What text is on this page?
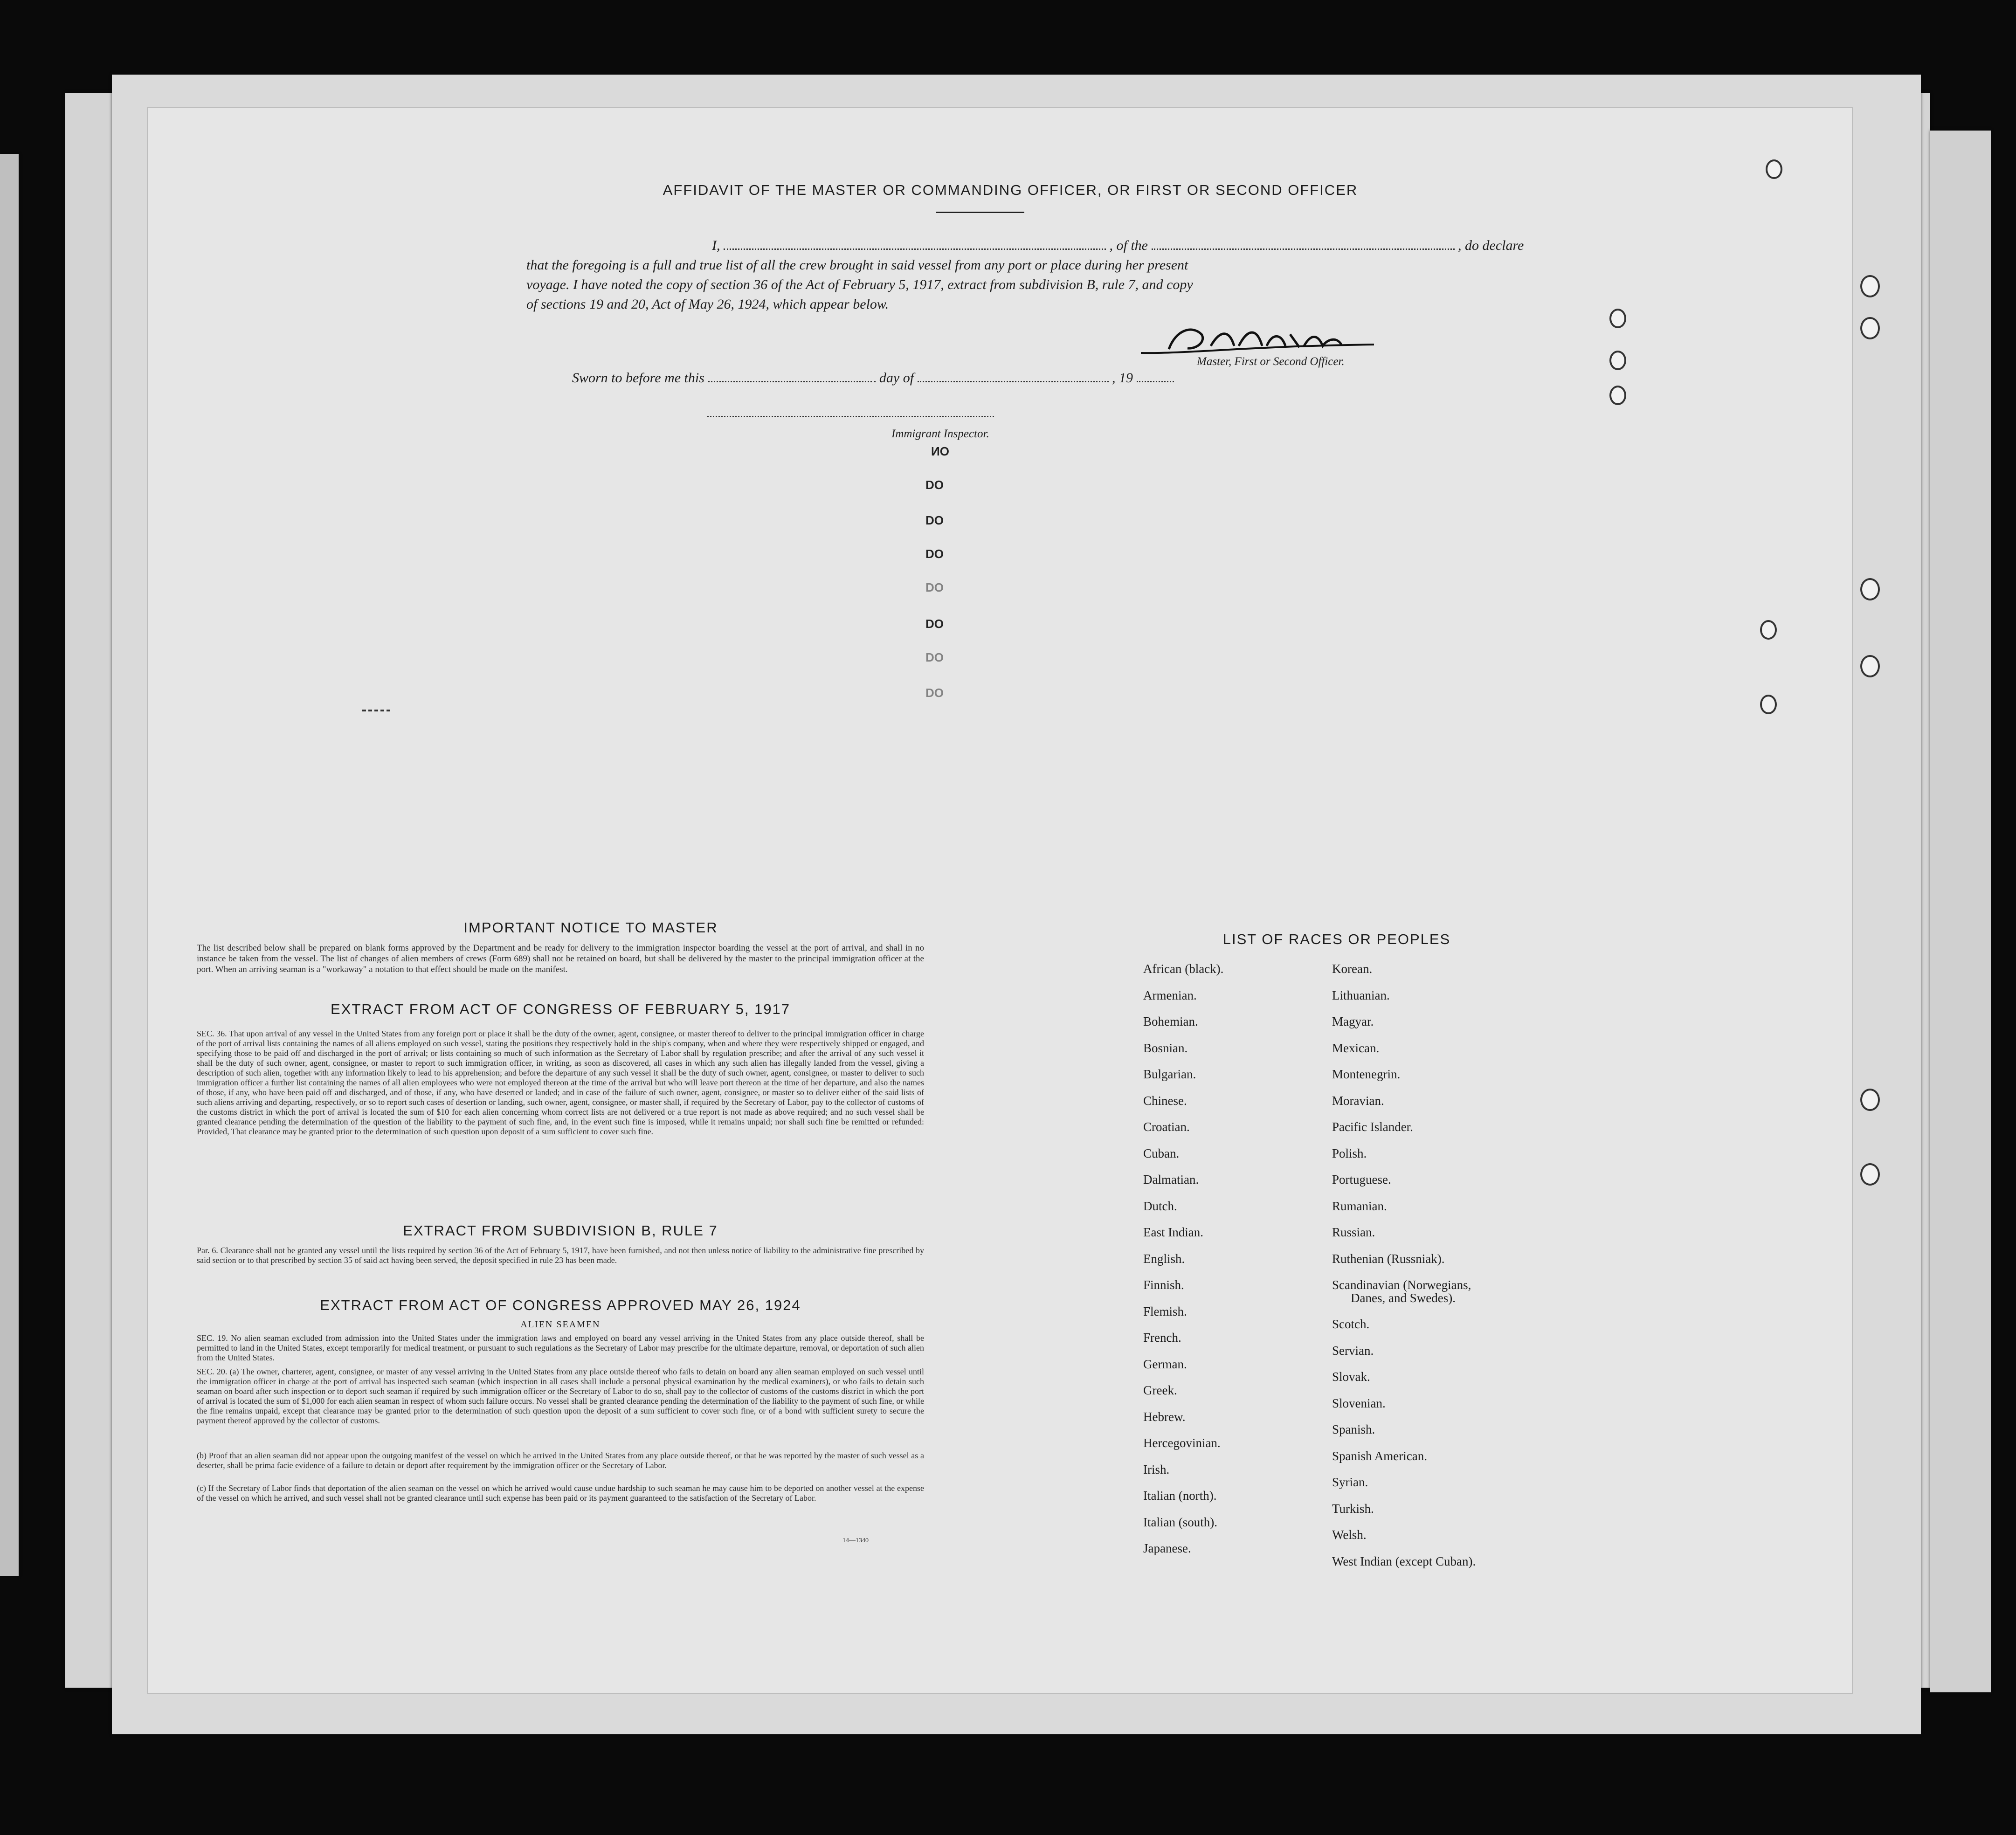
AFFIDAVIT OF THE MASTER OR COMMANDING OFFICER, OR FIRST OR SECOND OFFICER
I,	, of the	, do declare
that the foregoing is a full and true list of all the crew brought in said vessel from any port or place during her present
voyage. I have noted the copy of section 36 of the Act of February 5, 1917, extract from subdivision B, rule 7, and copy
of sections 19 and 20, Act of May 26, 1924, which appear below.
Master, First or Second Officer.
Sworn to before me this	day of	, 19
Immigrant Inspector.
NO
DO
DO
DO
DO
DO
DO
DO
IMPORTANT NOTICE TO MASTER
The list described below shall be prepared on blank forms approved by the Department and be ready for delivery to the immigration inspector boarding the vessel at the port of arrival, and shall in no instance be taken from the vessel. The list of changes of alien members of crews (Form 689) shall not be retained on board, but shall be delivered by the master to the principal immigration officer at the port. When an arriving seaman is a "workaway" a notation to that effect should be made on the manifest.
EXTRACT FROM ACT OF CONGRESS OF FEBRUARY 5, 1917
SEC. 36. That upon arrival of any vessel in the United States from any foreign port or place it shall be the duty of the owner, agent, consignee, or master thereof to deliver to the principal immigration officer in charge of the port of arrival lists containing the names of all aliens employed on such vessel, stating the positions they respectively hold in the ship's company, when and where they were respectively shipped or engaged, and specifying those to be paid off and discharged in the port of arrival; or lists containing so much of such information as the Secretary of Labor shall by regulation prescribe; and after the arrival of any such vessel it shall be the duty of such owner, agent, consignee, or master to report to such immigration officer, in writing, as soon as discovered, all cases in which any such alien has illegally landed from the vessel, giving a description of such alien, together with any information likely to lead to his apprehension; and before the departure of any such vessel it shall be the duty of such owner, agent, consignee, or master to deliver to such immigration officer a further list containing the names of all alien employees who were not employed thereon at the time of the arrival but who will leave port thereon at the time of her departure, and also the names of those, if any, who have been paid off and discharged, and of those, if any, who have deserted or landed; and in case of the failure of such owner, agent, consignee, or master so to deliver either of the said lists of such aliens arriving and departing, respectively, or so to report such cases of desertion or landing, such owner, agent, consignee, or master shall, if required by the Secretary of Labor, pay to the collector of customs of the customs district in which the port of arrival is located the sum of $10 for each alien concerning whom correct lists are not delivered or a true report is not made as above required; and no such vessel shall be granted clearance pending the determination of the question of the liability to the payment of such fine, and, in the event such fine is imposed, while it remains unpaid; nor shall such fine be remitted or refunded: Provided, That clearance may be granted prior to the determination of such question upon deposit of a sum sufficient to cover such fine.
EXTRACT FROM SUBDIVISION B, RULE 7
Par. 6. Clearance shall not be granted any vessel until the lists required by section 36 of the Act of February 5, 1917, have been furnished, and not then unless notice of liability to the administrative fine prescribed by said section or to that prescribed by section 35 of said act having been served, the deposit specified in rule 23 has been made.
EXTRACT FROM ACT OF CONGRESS APPROVED MAY 26, 1924
ALIEN SEAMEN
SEC. 19. No alien seaman excluded from admission into the United States under the immigration laws and employed on board any vessel arriving in the United States from any place outside thereof, shall be permitted to land in the United States, except temporarily for medical treatment, or pursuant to such regulations as the Secretary of Labor may prescribe for the ultimate departure, removal, or deportation of such alien from the United States.
SEC. 20. (a) The owner, charterer, agent, consignee, or master of any vessel arriving in the United States from any place outside thereof who fails to detain on board any alien seaman employed on such vessel until the immigration officer in charge at the port of arrival has inspected such seaman (which inspection in all cases shall include a personal physical examination by the medical examiners), or who fails to detain such seaman on board after such inspection or to deport such seaman if required by such immigration officer or the Secretary of Labor to do so, shall pay to the collector of customs of the customs district in which the port of arrival is located the sum of $1,000 for each alien seaman in respect of whom such failure occurs. No vessel shall be granted clearance pending the determination of the liability to the payment of such fine, or while the fine remains unpaid, except that clearance may be granted prior to the determination of such question upon the deposit of a sum sufficient to cover such fine, or of a bond with sufficient surety to secure the payment thereof approved by the collector of customs.
(b) Proof that an alien seaman did not appear upon the outgoing manifest of the vessel on which he arrived in the United States from any place outside thereof, or that he was reported by the master of such vessel as a deserter, shall be prima facie evidence of a failure to detain or deport after requirement by the immigration officer or the Secretary of Labor.
(c) If the Secretary of Labor finds that deportation of the alien seaman on the vessel on which he arrived would cause undue hardship to such seaman he may cause him to be deported on another vessel at the expense of the vessel on which he arrived, and such vessel shall not be granted clearance until such expense has been paid or its payment guaranteed to the satisfaction of the Secretary of Labor.
14—1340
LIST OF RACES OR PEOPLES
African (black).
Armenian.
Bohemian.
Bosnian.
Bulgarian.
Chinese.
Croatian.
Cuban.
Dalmatian.
Dutch.
East Indian.
English.
Finnish.
Flemish.
French.
German.
Greek.
Hebrew.
Hercegovinian.
Irish.
Italian (north).
Italian (south).
Japanese.
Korean.
Lithuanian.
Magyar.
Mexican.
Montenegrin.
Moravian.
Pacific Islander.
Polish.
Portuguese.
Rumanian.
Russian.
Ruthenian (Russniak).
Scandinavian (Norwegians,
Danes, and Swedes).
Scotch.
Servian.
Slovak.
Slovenian.
Spanish.
Spanish American.
Syrian.
Turkish.
Welsh.
West Indian (except Cuban).
